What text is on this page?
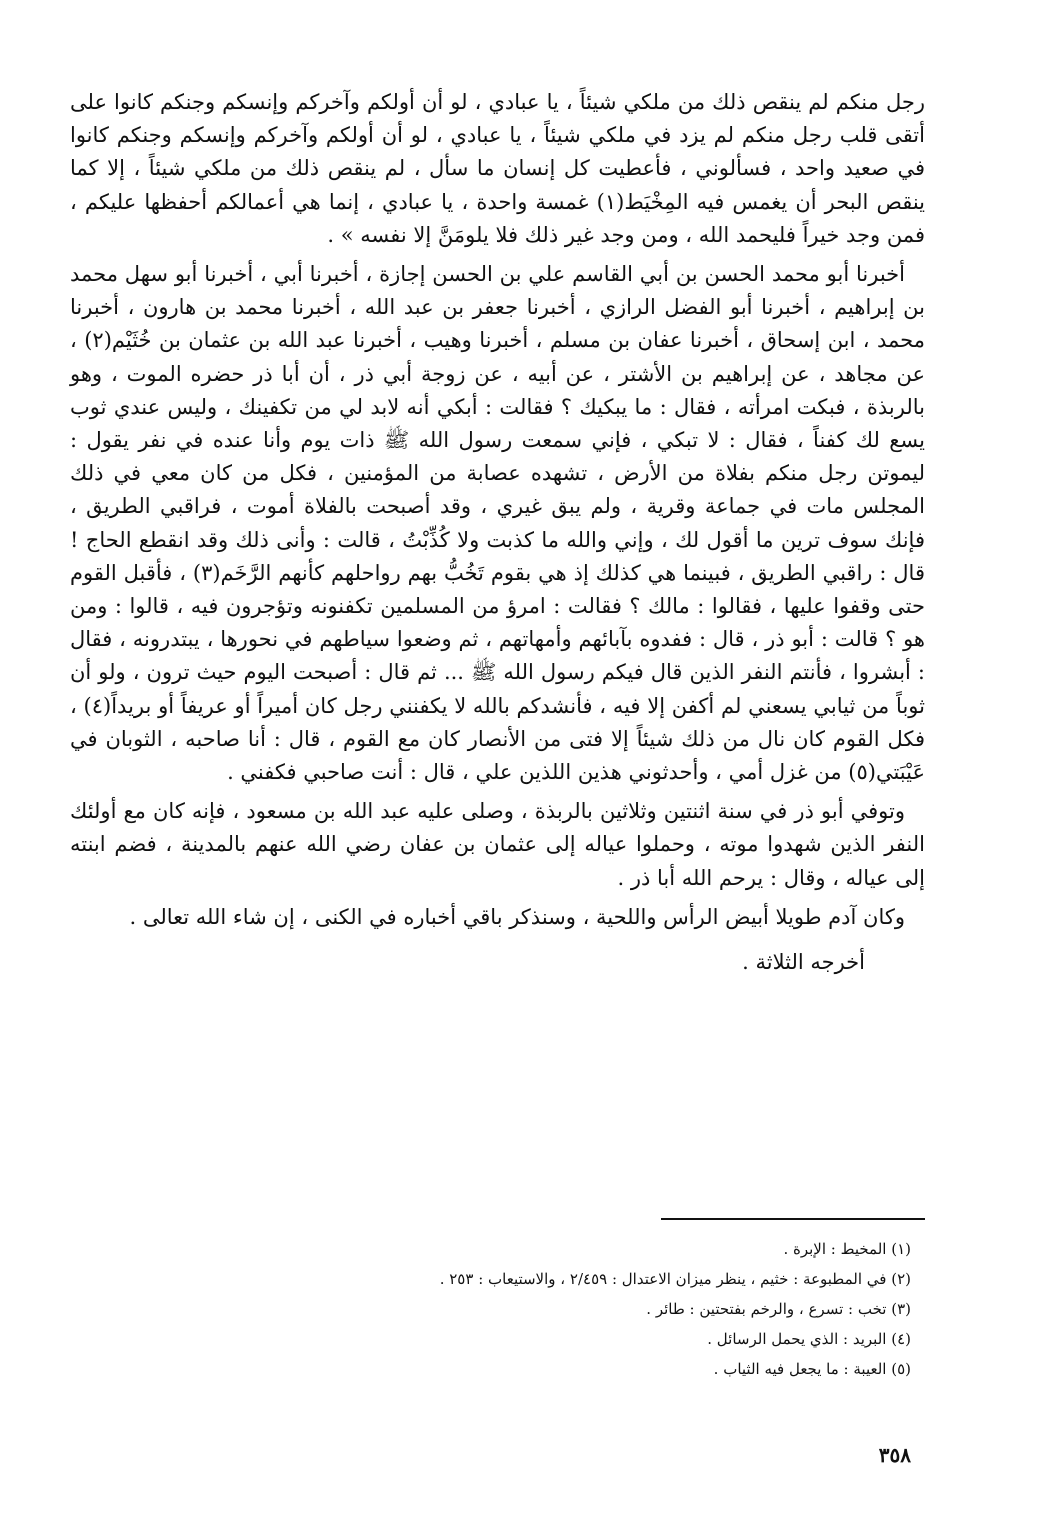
رجل منكم لم ينقص ذلك من ملكي شيئاً ، يا عبادي ، لو أن أولكم وآخركم وإنسكم وجنكم كانوا على أتقى قلب رجل منكم لم يزد في ملكي شيئاً ، يا عبادي ، لو أن أولكم وآخركم وإنسكم وجنكم كانوا في صعيد واحد ، فسألوني ، فأعطيت كل إنسان ما سأل ، لم ينقص ذلك من ملكي شيئاً ، إلا كما ينقص البحر أن يغمس فيه المِخْيَط(١) غمسة واحدة ، يا عبادي ، إنما هي أعمالكم أحفظها عليكم ، فمن وجد خيراً فليحمد الله ، ومن وجد غير ذلك فلا يلومَنَّ إلا نفسه » .

أخبرنا أبو محمد الحسن بن أبي القاسم علي بن الحسن إجازة ، أخبرنا أبي ، أخبرنا أبو سهل محمد بن إبراهيم ، أخبرنا أبو الفضل الرازي ، أخبرنا جعفر بن عبد الله ، أخبرنا محمد بن هارون ، أخبرنا محمد ، ابن إسحاق ، أخبرنا عفان بن مسلم ، أخبرنا وهيب ، أخبرنا عبد الله بن عثمان بن خُثَيْم(٢) ، عن مجاهد ، عن إبراهيم بن الأشتر ، عن أبيه ، عن زوجة أبي ذر ، أن أبا ذر حضره الموت ، وهو بالربذة ، فبكت امرأته ، فقال : ما يبكيك ؟ فقالت : أبكي أنه لابد لي من تكفينك ، وليس عندي ثوب يسع لك كفناً ، فقال : لا تبكي ، فإني سمعت رسول الله ﷺ ذات يوم وأنا عنده في نفر يقول : ليموتن رجل منكم بفلاة من الأرض ، تشهده عصابة من المؤمنين ، فكل من كان معي في ذلك المجلس مات في جماعة وقرية ، ولم يبق غيري ، وقد أصبحت بالفلاة أموت ، فراقبي الطريق ، فإنك سوف ترين ما أقول لك ، وإني والله ما كذبت ولا كُذِّبْتُ ، قالت : وأنى ذلك وقد انقطع الحاج ! قال : راقبي الطريق ، فبينما هي كذلك إذ هي بقوم تَخُبُّ بهم رواحلهم كأنهم الرَّخَم(٣) ، فأقبل القوم حتى وقفوا عليها ، فقالوا : مالك ؟ فقالت : امرؤ من المسلمين تكفنونه وتؤجرون فيه ، قالوا : ومن هو ؟ قالت : أبو ذر ، قال : ففدوه بآبائهم وأمهاتهم ، ثم وضعوا سياطهم في نحورها ، يبتدرونه ، فقال : أبشروا ، فأنتم النفر الذين قال فيكم رسول الله ﷺ ... ثم قال : أصبحت اليوم حيث ترون ، ولو أن ثوباً من ثيابي يسعني لم أكفن إلا فيه ، فأنشدكم بالله لا يكفنني رجل كان أميراً أو عريفاً أو بريداً(٤) ، فكل القوم كان نال من ذلك شيئاً إلا فتى من الأنصار كان مع القوم ، قال : أنا صاحبه ، الثوبان في عَيْبَتي(٥) من غزل أمي ، وأحدثوني هذين اللذين علي ، قال : أنت صاحبي فكفني .

وتوفي أبو ذر في سنة اثنتين وثلاثين بالربذة ، وصلى عليه عبد الله بن مسعود ، فإنه كان مع أولئك النفر الذين شهدوا موته ، وحملوا عياله إلى عثمان بن عفان رضي الله عنهم بالمدينة ، فضم ابنته إلى عياله ، وقال : يرحم الله أبا ذر .

وكان آدم طويلا أبيض الرأس واللحية ، وسنذكر باقي أخباره في الكنى ، إن شاء الله تعالى .

أخرجه الثلاثة .

(١) المخيط : الإبرة .
(٢) في المطبوعة : خثيم ، ينظر ميزان الاعتدال : ٢/٤٥٩ ، والاستيعاب : ٢٥٣ .
(٣) تخب : تسرع ، والرخم بفتحتين : طائر .
(٤) البريد : الذي يحمل الرسائل .
(٥) العيبة : ما يجعل فيه الثياب .
٣٥٨
